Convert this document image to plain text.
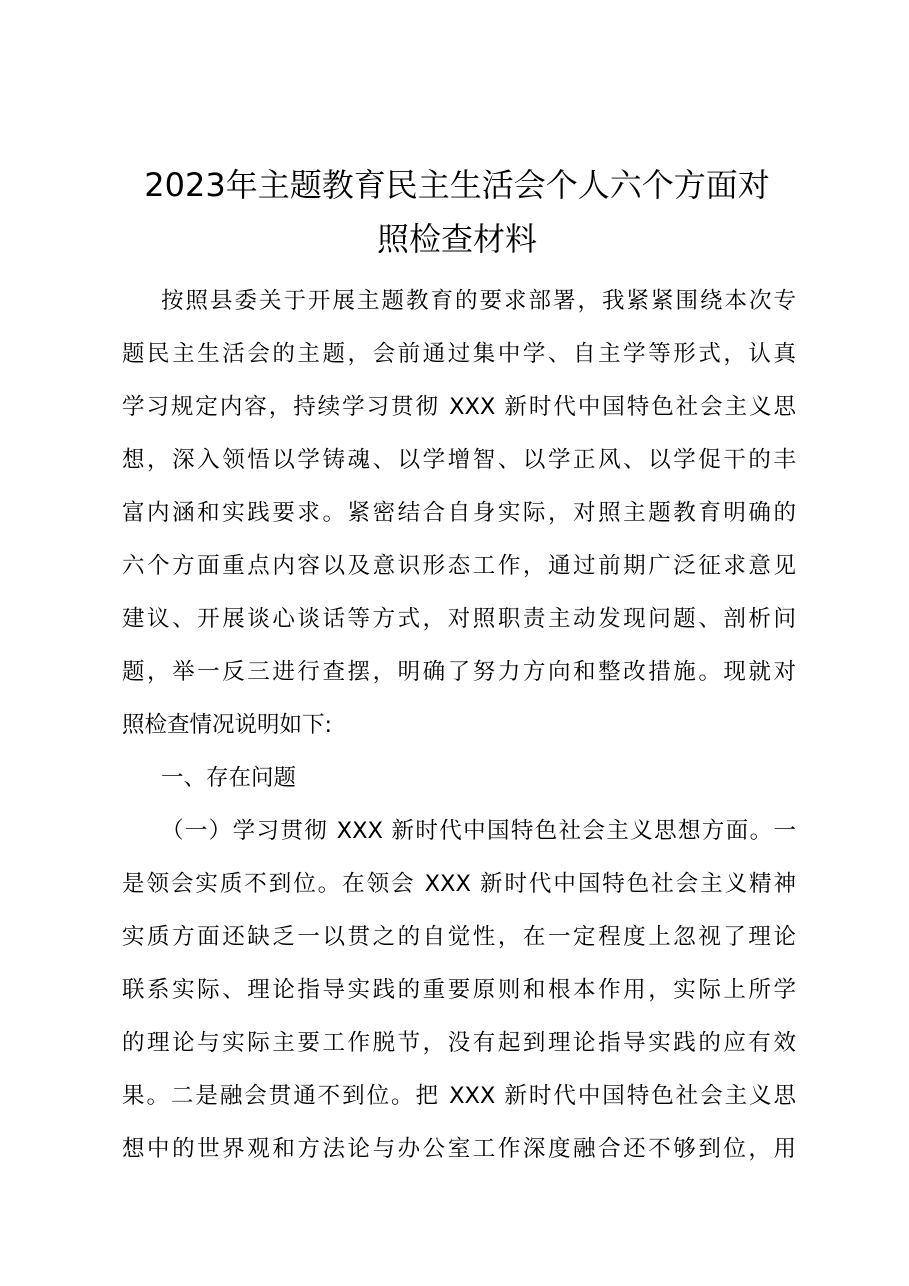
2023年主题教育民主生活会个人六个方面对
照检查材料
按照县委关于开展主题教育的要求部署，我紧紧围绕本次专
题民主生活会的主题，会前通过集中学、自主学等形式，认真
学习规定内容，持续学习贯彻 XXX 新时代中国特色社会主义思
想，深入领悟以学铸魂、以学增智、以学正风、以学促干的丰
富内涵和实践要求。紧密结合自身实际，对照主题教育明确的
六个方面重点内容以及意识形态工作，通过前期广泛征求意见
建议、开展谈心谈话等方式，对照职责主动发现问题、剖析问
题，举一反三进行查摆，明确了努力方向和整改措施。现就对
照检查情况说明如下:
一、存在问题
（一）学习贯彻 XXX 新时代中国特色社会主义思想方面。一
是领会实质不到位。在领会 XXX 新时代中国特色社会主义精神
实质方面还缺乏一以贯之的自觉性，在一定程度上忽视了理论
联系实际、理论指导实践的重要原则和根本作用，实际上所学
的理论与实际主要工作脱节，没有起到理论指导实践的应有效
果。二是融会贯通不到位。把 XXX 新时代中国特色社会主义思
想中的世界观和方法论与办公室工作深度融合还不够到位，用
